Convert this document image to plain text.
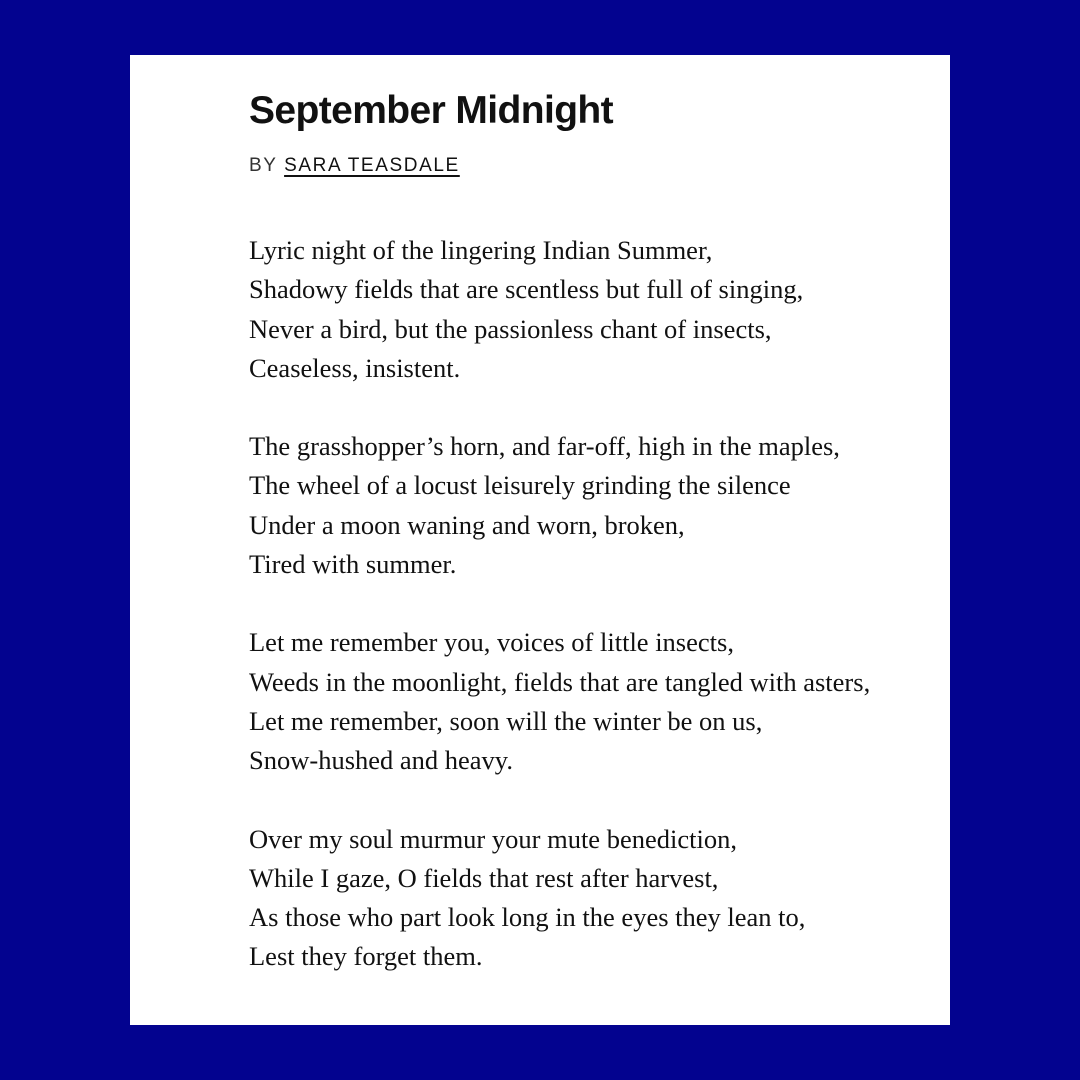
September Midnight
BY SARA TEASDALE
Lyric night of the lingering Indian Summer,
Shadowy fields that are scentless but full of singing,
Never a bird, but the passionless chant of insects,
Ceaseless, insistent.
The grasshopper’s horn, and far-off, high in the maples,
The wheel of a locust leisurely grinding the silence
Under a moon waning and worn, broken,
Tired with summer.
Let me remember you, voices of little insects,
Weeds in the moonlight, fields that are tangled with asters,
Let me remember, soon will the winter be on us,
Snow-hushed and heavy.
Over my soul murmur your mute benediction,
While I gaze, O fields that rest after harvest,
As those who part look long in the eyes they lean to,
Lest they forget them.
